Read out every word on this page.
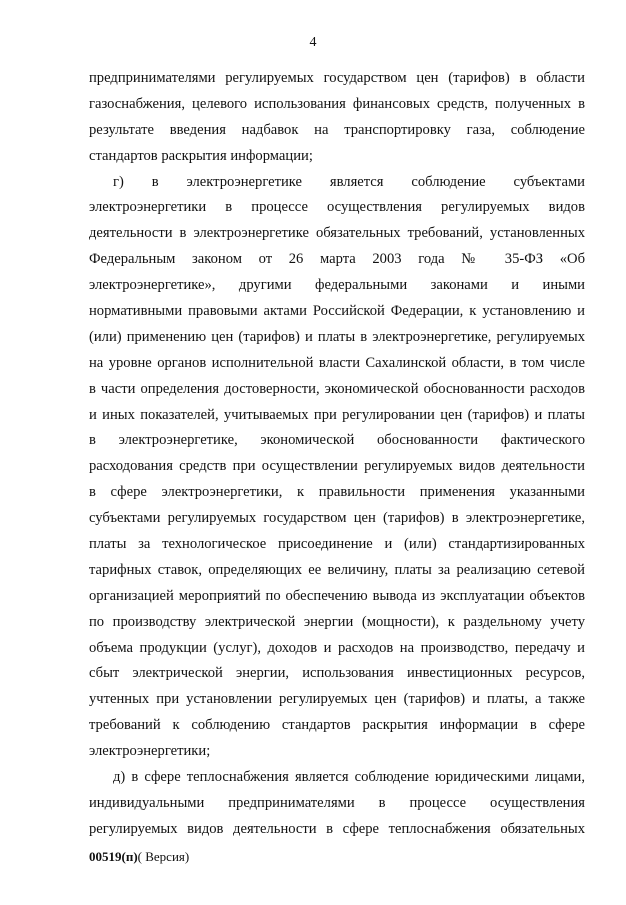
4
предпринимателями регулируемых государством цен (тарифов) в области
газоснабжения, целевого использования финансовых средств, полученных в
результате введения надбавок на транспортировку газа, соблюдение
стандартов раскрытия информации;
г) в электроэнергетике является соблюдение субъектами
электроэнергетики в процессе осуществления регулируемых видов
деятельности в электроэнергетике обязательных требований, установленных
Федеральным законом от 26 марта 2003 года № 35-ФЗ «Об
электроэнергетике», другими федеральными законами и иными
нормативными правовыми актами Российской Федерации, к установлению и
(или) применению цен (тарифов) и платы в электроэнергетике, регулируемых
на уровне органов исполнительной власти Сахалинской области, в том числе
в части определения достоверности, экономической обоснованности расходов
и иных показателей, учитываемых при регулировании цен (тарифов) и платы
в электроэнергетике, экономической обоснованности фактического
расходования средств при осуществлении регулируемых видов деятельности
в сфере электроэнергетики, к правильности применения указанными
субъектами регулируемых государством цен (тарифов) в электроэнергетике,
платы за технологическое присоединение и (или) стандартизированных
тарифных ставок, определяющих ее величину, платы за реализацию сетевой
организацией мероприятий по обеспечению вывода из эксплуатации объектов
по производству электрической энергии (мощности), к раздельному учету
объема продукции (услуг), доходов и расходов на производство, передачу и
сбыт электрической энергии, использования инвестиционных ресурсов,
учтенных при установлении регулируемых цен (тарифов) и платы, а также
требований к соблюдению стандартов раскрытия информации в сфере
электроэнергетики;
д) в сфере теплоснабжения является соблюдение юридическими лицами,
индивидуальными предпринимателями в процессе осуществления
регулируемых видов деятельности в сфере теплоснабжения обязательных
00519(п)( Версия)
